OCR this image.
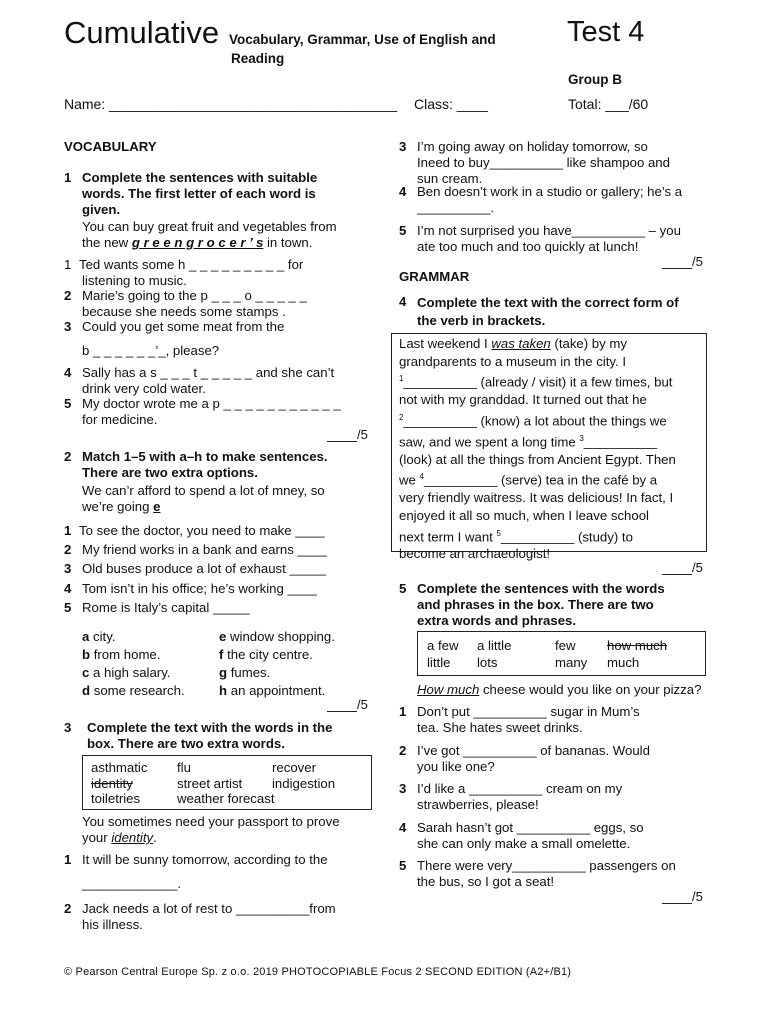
Cumulative Vocabulary, Grammar, Use of English and
Reading
Test 4
Group B
Name: _____________________________________ Class: ____	Total: ___/60
VOCABULARY
1 Complete the sentences with suitable
words. The first letter of each word is
given.
You can buy great fruit and vegetables from
the new g r e e n g r o c e r ’ s in town.
1 Ted wants some h _ _ _ _ _ _ _ _ _ for
listening to music.
2 Marie’s going to the p _ _ _ o _ _ _ _ _
because she needs some stamps .
3 Could you get some meat from the
b _ _ _ _ _ _’_, please?
4 Sally has a s _ _ _ t _ _ _ _ _ and she can’t
drink very cold water.
5 My doctor wrote me a p _ _ _ _ _ _ _ _ _ _ _
for medicine.
/5
2 Match 1–5 with a–h to make sentences.
There are two extra options.
We can’r afford to spend a lot of mney, so
we’re going e
1 To see the doctor, you need to make ____
2 My friend works in a bank and earns ____
3 Old buses produce a lot of exhaust _____
4 Tom isn’t in his office; he’s working ____
5 Rome is Italy’s capital _____
a city.
b from home.
c a high salary.
d some research.
e window shopping.
f the city centre.
g fumes.
h an appointment.
/5
3 Complete the text with the words in the
box. There are two extra words.
asthmatic
identity
toiletries
flu
street artist
weather forecast
recover
indigestion
You sometimes need your passport to prove
your identity.
1 It will be sunny tomorrow, according to the
_____________.
2 Jack needs a lot of rest to __________from
his illness.
3 I’m going away on holiday tomorrow, so
Ineed to buy__________ like shampoo and
sun cream.
4 Ben doesn’t work in a studio or gallery; he’s a
__________.
5 I’m not surprised you have__________ – you
ate too much and too quickly at lunch!
/5
GRAMMAR
4 Complete the text with the correct form of
the verb in brackets.
Last weekend I was taken (take) by my
grandparents to a museum in the city. I
$^1$__________ (already / visit) it a few times, but
not with my granddad. It turned out that he
$^2$__________ (know) a lot about the things we
saw, and we spent a long time $^3$__________
(look) at all the things from Ancient Egypt. Then
we $^4$__________ (serve) tea in the café by a
very friendly waitress. It was delicious! In fact, I
enjoyed it all so much, when I leave school
next term I want $^5$__________ (study) to
become an archaeologist!
/5
5 Complete the sentences with the words
and phrases in the box. There are two
extra words and phrases.
a few
little
a little
lots
few
many
how much
much
How much cheese would you like on your pizza?
1 Don’t put __________ sugar in Mum’s
tea. She hates sweet drinks.
2 I’ve got __________ of bananas. Would
you like one?
3 I’d like a __________ cream on my
strawberries, please!
4 Sarah hasn’t got __________ eggs, so
she can only make a small omelette.
5 There were very__________ passengers on
the bus, so I got a seat!
/5
© Pearson Central Europe Sp. z o.o. 2019 PHOTOCOPIABLE Focus 2 SECOND EDITION (A2+/B1)
